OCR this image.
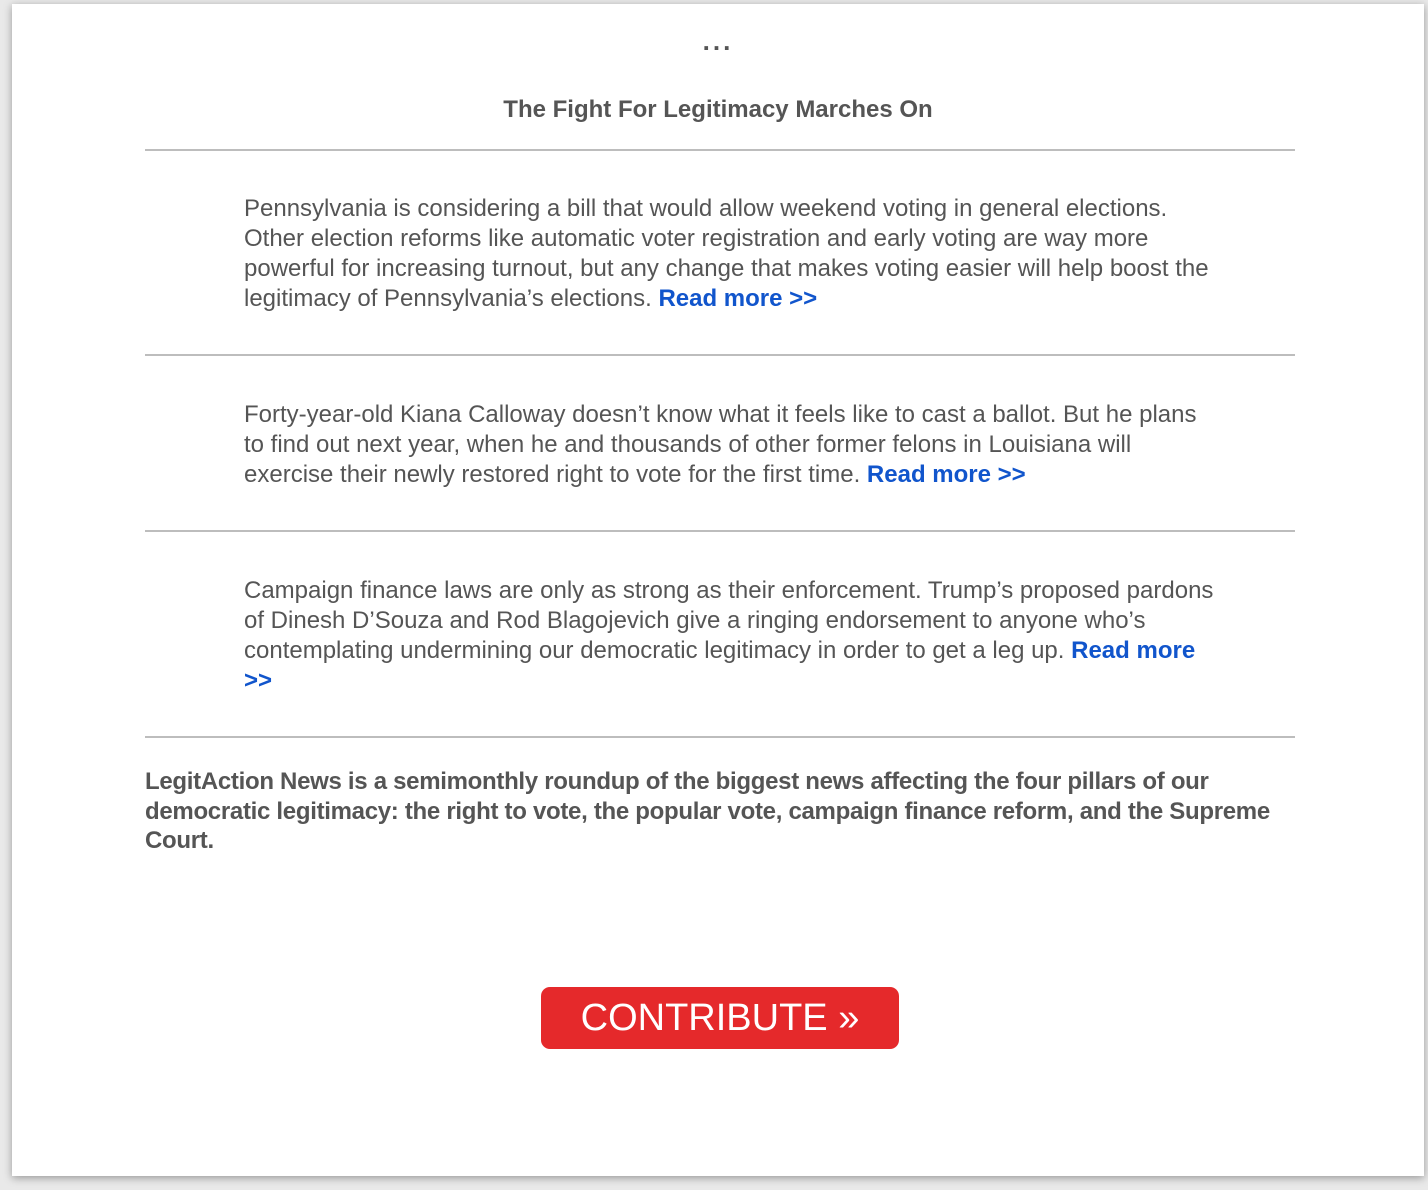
...
The Fight For Legitimacy Marches On
Pennsylvania is considering a bill that would allow weekend voting in general elections. Other election reforms like automatic voter registration and early voting are way more powerful for increasing turnout, but any change that makes voting easier will help boost the legitimacy of Pennsylvania’s elections. Read more >>
Forty-year-old Kiana Calloway doesn’t know what it feels like to cast a ballot. But he plans to find out next year, when he and thousands of other former felons in Louisiana will exercise their newly restored right to vote for the first time. Read more >>
Campaign finance laws are only as strong as their enforcement. Trump’s proposed pardons of Dinesh D’Souza and Rod Blagojevich give a ringing endorsement to anyone who’s contemplating undermining our democratic legitimacy in order to get a leg up. Read more >>
LegitAction News is a semimonthly roundup of the biggest news affecting the four pillars of our democratic legitimacy: the right to vote, the popular vote, campaign finance reform, and the Supreme Court.
CONTRIBUTE »
